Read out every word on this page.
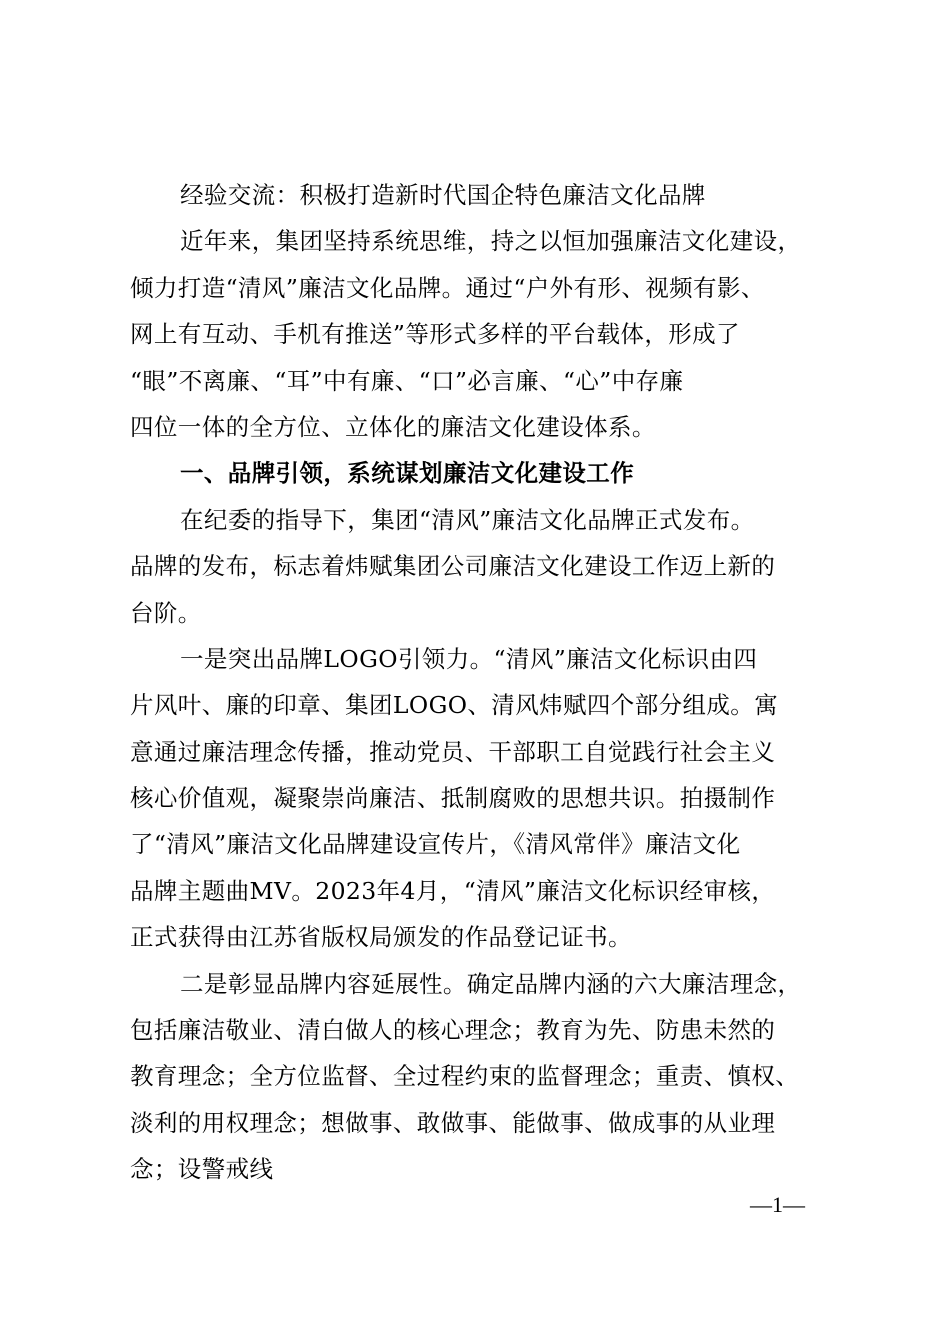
经验交流：积极打造新时代国企特色廉洁文化品牌
近年来，集团坚持系统思维，持之以恒加强廉洁文化建设，
倾力打造“清风”廉洁文化品牌。通过“户外有形、视频有影、
网上有互动、手机有推送”等形式多样的平台载体，形成了
“眼”不离廉、“耳”中有廉、“口”必言廉、“心”中存廉
四位一体的全方位、立体化的廉洁文化建设体系。
一、品牌引领，系统谋划廉洁文化建设工作
在纪委的指导下，集团“清风”廉洁文化品牌正式发布。
品牌的发布，标志着炜赋集团公司廉洁文化建设工作迈上新的
台阶。
一是突出品牌LOGO引领力。“清风”廉洁文化标识由四
片风叶、廉的印章、集团LOGO、清风炜赋四个部分组成。寓
意通过廉洁理念传播，推动党员、干部职工自觉践行社会主义
核心价值观，凝聚崇尚廉洁、抵制腐败的思想共识。拍摄制作
了“清风”廉洁文化品牌建设宣传片，《清风常伴》廉洁文化
品牌主题曲MV。2023年4月，“清风”廉洁文化标识经审核，
正式获得由江苏省版权局颁发的作品登记证书。
二是彰显品牌内容延展性。确定品牌内涵的六大廉洁理念，
包括廉洁敬业、清白做人的核心理念；教育为先、防患未然的
教育理念；全方位监督、全过程约束的监督理念；重责、慎权、
淡利的用权理念；想做事、敢做事、能做事、做成事的从业理
念；设警戒线
—1—
